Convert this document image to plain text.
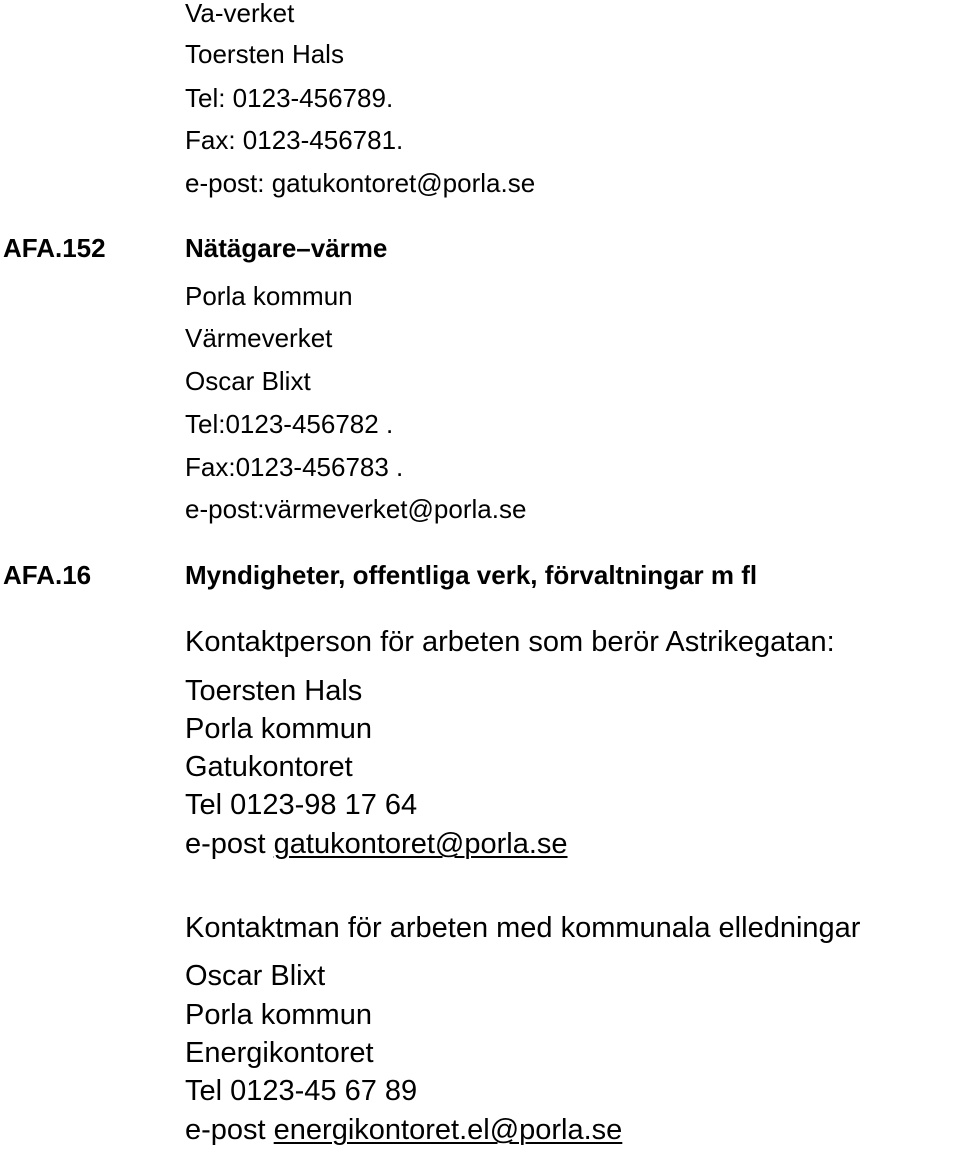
Va-verket
Toersten Hals
Tel: 0123-456789.
Fax: 0123-456781.
e-post: gatukontoret@porla.se
AFA.152	Nätägare–värme
Porla kommun
Värmeverket
Oscar Blixt
Tel:0123-456782 .
Fax:0123-456783 .
e-post:värmeverket@porla.se
AFA.16	Myndigheter, offentliga verk, förvaltningar m fl
Kontaktperson för arbeten som berör Astrikegatan:
Toersten Hals
Porla kommun
Gatukontoret
Tel 0123-98 17 64
e-post gatukontoret@porla.se
Kontaktman för arbeten med kommunala elledningar
Oscar Blixt
Porla kommun
Energikontoret
Tel 0123-45 67 89
e-post energikontoret.el@porla.se
